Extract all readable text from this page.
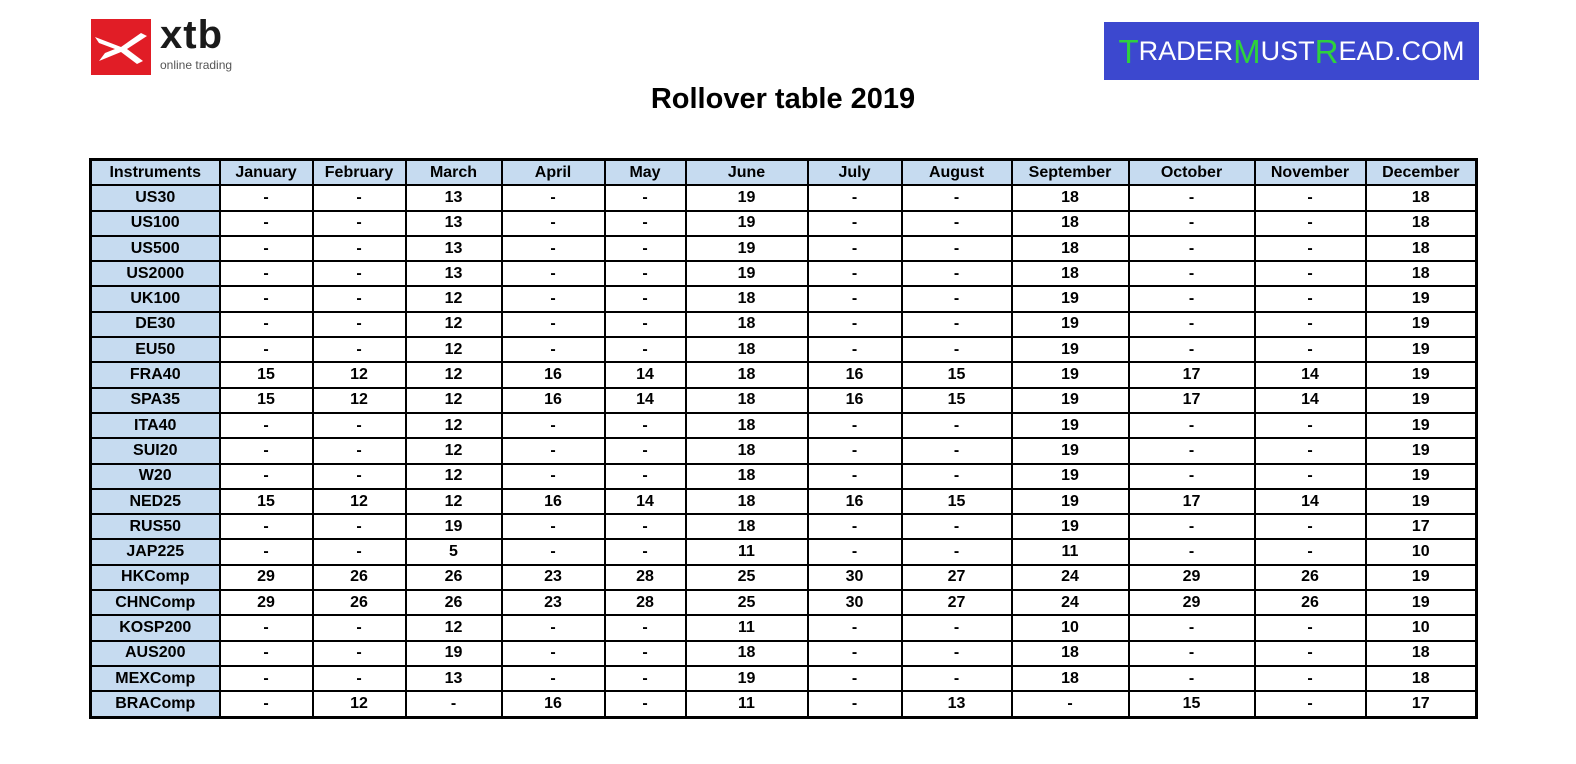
xtb
online trading	T RADER M UST R EAD.COM
Rollover table 2019
Instruments	January	February	March	April	May	June	July	August	September	October	November	December
US30	-	-	13	-	-	19	-	-	18	-	-	18
US100	-	-	13	-	-	19	-	-	18	-	-	18
US500	-	-	13	-	-	19	-	-	18	-	-	18
US2000	-	-	13	-	-	19	-	-	18	-	-	18
UK100	-	-	12	-	-	18	-	-	19	-	-	19
DE30	-	-	12	-	-	18	-	-	19	-	-	19
EU50	-	-	12	-	-	18	-	-	19	-	-	19
FRA40	15	12	12	16	14	18	16	15	19	17	14	19
SPA35	15	12	12	16	14	18	16	15	19	17	14	19
ITA40	-	-	12	-	-	18	-	-	19	-	-	19
SUI20	-	-	12	-	-	18	-	-	19	-	-	19
W20	-	-	12	-	-	18	-	-	19	-	-	19
NED25	15	12	12	16	14	18	16	15	19	17	14	19
RUS50	-	-	19	-	-	18	-	-	19	-	-	17
JAP225	-	-	5	-	-	11	-	-	11	-	-	10
HKComp	29	26	26	23	28	25	30	27	24	29	26	19
CHNComp	29	26	26	23	28	25	30	27	24	29	26	19
KOSP200	-	-	12	-	-	11	-	-	10	-	-	10
AUS200	-	-	19	-	-	18	-	-	18	-	-	18
MEXComp	-	-	13	-	-	19	-	-	18	-	-	18
BRAComp	-	12	-	16	-	11	-	13	-	15	-	17
